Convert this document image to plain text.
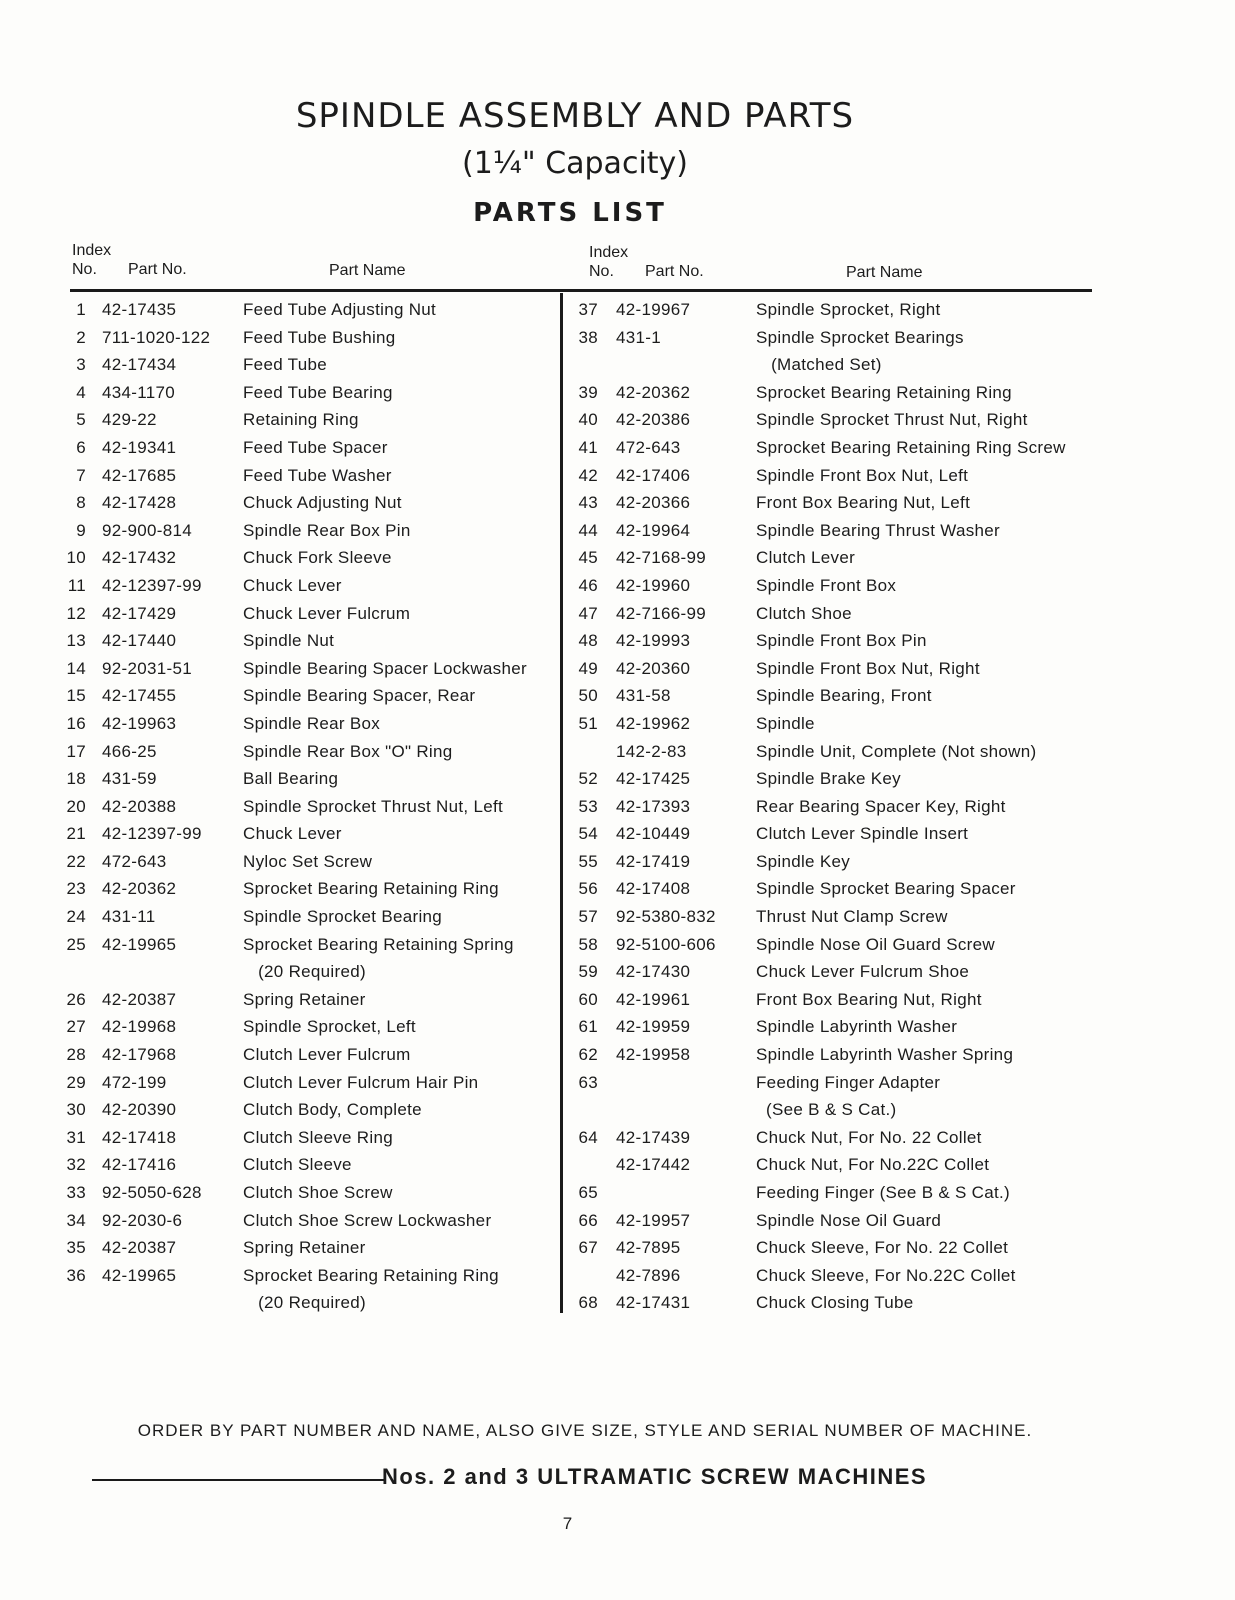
SPINDLE ASSEMBLY AND PARTS
(1¼" Capacity)
PARTS LIST
Index
No.	Part No.	Part Name
Index
No.	Part No.	Part Name
1 42-17435	Feed Tube Adjusting Nut
2 711-1020-122 Feed Tube Bushing
3 42-17434	Feed Tube
4 434-1170	Feed Tube Bearing
5 429-22	Retaining Ring
6 42-19341	Feed Tube Spacer
7 42-17685	Feed Tube Washer
8 42-17428	Chuck Adjusting Nut
9 92-900-814	Spindle Rear Box Pin
10 42-17432	Chuck Fork Sleeve
11 42-12397-99 Chuck Lever
12 42-17429	Chuck Lever Fulcrum
13 42-17440	Spindle Nut
14 92-2031-51	Spindle Bearing Spacer Lockwasher
15 42-17455	Spindle Bearing Spacer, Rear
16 42-19963	Spindle Rear Box
17 466-25	Spindle Rear Box "O" Ring
18 431-59	Ball Bearing
20 42-20388	Spindle Sprocket Thrust Nut, Left
21 42-12397-99 Chuck Lever
22 472-643	Nyloc Set Screw
23 42-20362	Sprocket Bearing Retaining Ring
24 431-11	Spindle Sprocket Bearing
25 42-19965	Sprocket Bearing Retaining Spring
(20 Required)
26 42-20387	Spring Retainer
27 42-19968	Spindle Sprocket, Left
28 42-17968	Clutch Lever Fulcrum
29 472-199	Clutch Lever Fulcrum Hair Pin
30 42-20390	Clutch Body, Complete
31 42-17418	Clutch Sleeve Ring
32 42-17416	Clutch Sleeve
33 92-5050-628 Clutch Shoe Screw
34 92-2030-6	Clutch Shoe Screw Lockwasher
35 42-20387	Spring Retainer
36 42-19965	Sprocket Bearing Retaining Ring
(20 Required)
37 42-19967	Spindle Sprocket, Right
38 431-1	Spindle Sprocket Bearings
(Matched Set)
39 42-20362	Sprocket Bearing Retaining Ring
40 42-20386	Spindle Sprocket Thrust Nut, Right
41 472-643	Sprocket Bearing Retaining Ring Screw
42 42-17406	Spindle Front Box Nut, Left
43 42-20366	Front Box Bearing Nut, Left
44 42-19964	Spindle Bearing Thrust Washer
45 42-7168-99	Clutch Lever
46 42-19960	Spindle Front Box
47 42-7166-99	Clutch Shoe
48 42-19993	Spindle Front Box Pin
49 42-20360	Spindle Front Box Nut, Right
50 431-58	Spindle Bearing, Front
51 42-19962	Spindle
142-2-83	Spindle Unit, Complete (Not shown)
52 42-17425	Spindle Brake Key
53 42-17393	Rear Bearing Spacer Key, Right
54 42-10449	Clutch Lever Spindle Insert
55 42-17419	Spindle Key
56 42-17408	Spindle Sprocket Bearing Spacer
57 92-5380-832 Thrust Nut Clamp Screw
58 92-5100-606 Spindle Nose Oil Guard Screw
59 42-17430	Chuck Lever Fulcrum Shoe
60 42-19961	Front Box Bearing Nut, Right
61 42-19959	Spindle Labyrinth Washer
62 42-19958	Spindle Labyrinth Washer Spring
63	Feeding Finger Adapter
(See B & S Cat.)
64 42-17439	Chuck Nut, For No. 22 Collet
42-17442	Chuck Nut, For No.22C Collet
65	Feeding Finger (See B & S Cat.)
66 42-19957	Spindle Nose Oil Guard
67 42-7895	Chuck Sleeve, For No. 22 Collet
42-7896	Chuck Sleeve, For No.22C Collet
68 42-17431	Chuck Closing Tube
ORDER BY PART NUMBER AND NAME, ALSO GIVE SIZE, STYLE AND SERIAL NUMBER OF MACHINE.
Nos. 2 and 3 ULTRAMATIC SCREW MACHINES
7
